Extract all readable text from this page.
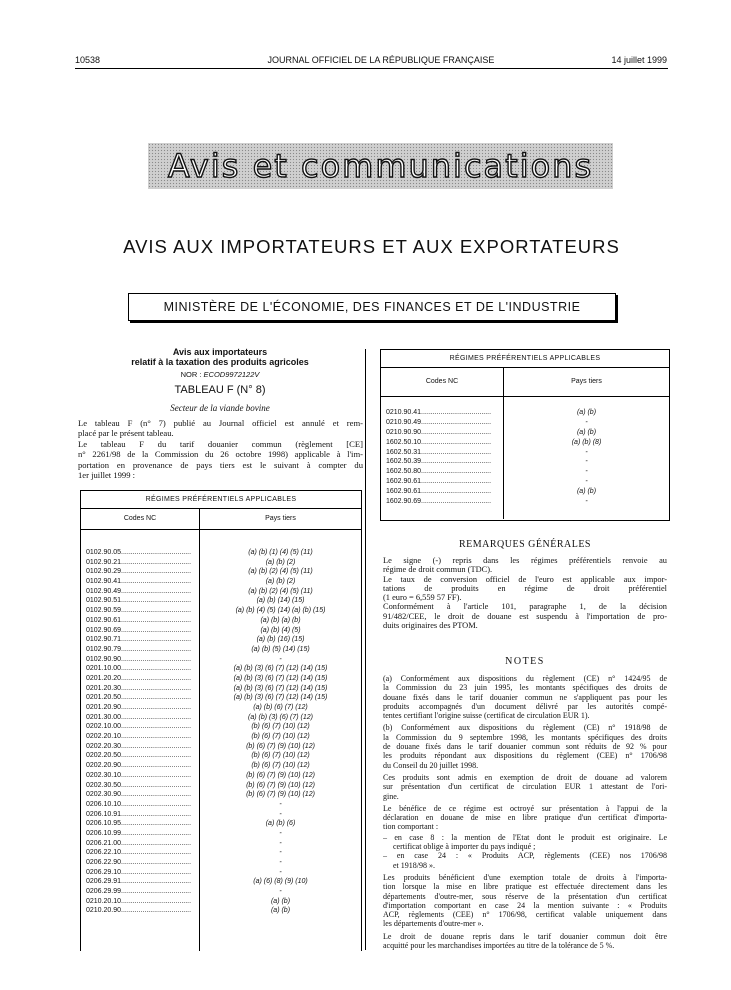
10538	JOURNAL OFFICIEL DE LA RÉPUBLIQUE FRANÇAISE	14 juillet 1999
Avis et communications
AVIS AUX IMPORTATEURS ET AUX EXPORTATEURS
MINISTÈRE DE L'ÉCONOMIE, DES FINANCES ET DE L'INDUSTRIE
Avis aux importateurs
relatif à la taxation des produits agricoles
NOR : ECOD9972122V
TABLEAU F (N° 8)
Secteur de la viande bovine
Le tableau F (n° 7) publié au Journal officiel est annulé et rem-
placé par le présent tableau.
Le tableau F du tarif douanier commun (règlement [CE]
n° 2261/98 de la Commission du 26 octobre 1998) applicable à l'im-
portation en provenance de pays tiers est le suivant à compter du
1er juillet 1999 :
RÉGIMES PRÉFÉRENTIELS APPLICABLES
Codes NC	Pays tiers
0102.90.05....................................	(a) (b) (1) (4) (5) (11)
0102.90.21....................................	(a) (b) (2)
0102.90.29....................................	(a) (b) (2) (4) (5) (11)
0102.90.41....................................	(a) (b) (2)
0102.90.49....................................	(a) (b) (2) (4) (5) (11)
0102.90.51....................................	(a) (b) (14) (15)
0102.90.59....................................	(a) (b) (4) (5) (14) (a) (b) (15)
0102.90.61....................................	(a) (b) (a) (b)
0102.90.69....................................	(a) (b) (4) (5)
0102.90.71....................................	(a) (b) (16) (15)
0102.90.79....................................	(a) (b) (5) (14) (15)
0102.90.90....................................	-
0201.10.00....................................	(a) (b) (3) (6) (7) (12) (14) (15)
0201.20.20....................................	(a) (b) (3) (6) (7) (12) (14) (15)
0201.20.30....................................	(a) (b) (3) (6) (7) (12) (14) (15)
0201.20.50....................................	(a) (b) (3) (6) (7) (12) (14) (15)
0201.20.90....................................	(a) (b) (6) (7) (12)
0201.30.00....................................	(a) (b) (3) (6) (7) (12)
0202.10.00....................................	(b) (6) (7) (10) (12)
0202.20.10....................................	(b) (6) (7) (10) (12)
0202.20.30....................................	(b) (6) (7) (9) (10) (12)
0202.20.50....................................	(b) (6) (7) (10) (12)
0202.20.90....................................	(b) (6) (7) (10) (12)
0202.30.10....................................	(b) (6) (7) (9) (10) (12)
0202.30.50....................................	(b) (6) (7) (9) (10) (12)
0202.30.90....................................	(b) (6) (7) (9) (10) (12)
0206.10.10....................................	-
0206.10.91....................................	-
0206.10.95....................................	(a) (b) (6)
0206.10.99....................................	-
0206.21.00....................................	-
0206.22.10....................................	-
0206.22.90....................................	-
0206.29.10....................................	-
0206.29.91....................................	(a) (6) (8) (9) (10)
0206.29.99....................................	-
0210.20.10....................................	(a) (b)
0210.20.90....................................	(a) (b)
RÉGIMES PRÉFÉRENTIELS APPLICABLES
Codes NC	Pays tiers
0210.90.41....................................	(a) (b)
0210.90.49....................................	-
0210.90.90....................................	(a) (b)
1602.50.10....................................	(a) (b) (8)
1602.50.31....................................	-
1602.50.39....................................	-
1602.50.80....................................	-
1602.90.61....................................	-
1602.90.61....................................	(a) (b)
1602.90.69....................................	-
REMARQUES GÉNÉRALES
Le signe (-) repris dans les régimes préférentiels renvoie au
régime de droit commun (TDC).
Le taux de conversion officiel de l'euro est applicable aux impor-
tations de produits en régime de droit préférentiel
(1 euro = 6,559 57 FF).
Conformément à l'article 101, paragraphe 1, de la décision
91/482/CEE, le droit de douane est suspendu à l'importation de pro-
duits originaires des PTOM.
NOTES
(a) Conformément aux dispositions du règlement (CE) n° 1424/95 de
la Commission du 23 juin 1995, les montants spécifiques des droits de
douane fixés dans le tarif douanier commun ne s'appliquent pas pour les
produits accompagnés d'un document délivré par les autorités compé-
tentes certifiant l'origine suisse (certificat de circulation EUR 1).
(b) Conformément aux dispositions du règlement (CE) n° 1918/98 de
la Commission du 9 septembre 1998, les montants spécifiques des droits
de douane fixés dans le tarif douanier commun sont réduits de 92 % pour
les produits répondant aux dispositions du règlement (CEE) n° 1706/98
du Conseil du 20 juillet 1998.
Ces produits sont admis en exemption de droit de douane ad valorem
sur présentation d'un certificat de circulation EUR 1 attestant de l'ori-
gine.
Le bénéfice de ce régime est octroyé sur présentation à l'appui de la
déclaration en douane de mise en libre pratique d'un certificat d'importa-
tion comportant :
– en case 8 : la mention de l'Etat dont le produit est originaire. Le
certificat oblige à importer du pays indiqué ;
– en case 24 : « Produits ACP, règlements (CEE) nos 1706/98
et 1918/98 ».
Les produits bénéficient d'une exemption totale de droits à l'importa-
tion lorsque la mise en libre pratique est effectuée directement dans les
départements d'outre-mer, sous réserve de la présentation d'un certificat
d'importation comportant en case 24 la mention suivante : « Produits
ACP, règlements (CEE) n° 1706/98, certificat valable uniquement dans
les départements d'outre-mer ».
Le droit de douane repris dans le tarif douanier commun doit être
acquitté pour les marchandises importées au titre de la tolérance de 5 %.
